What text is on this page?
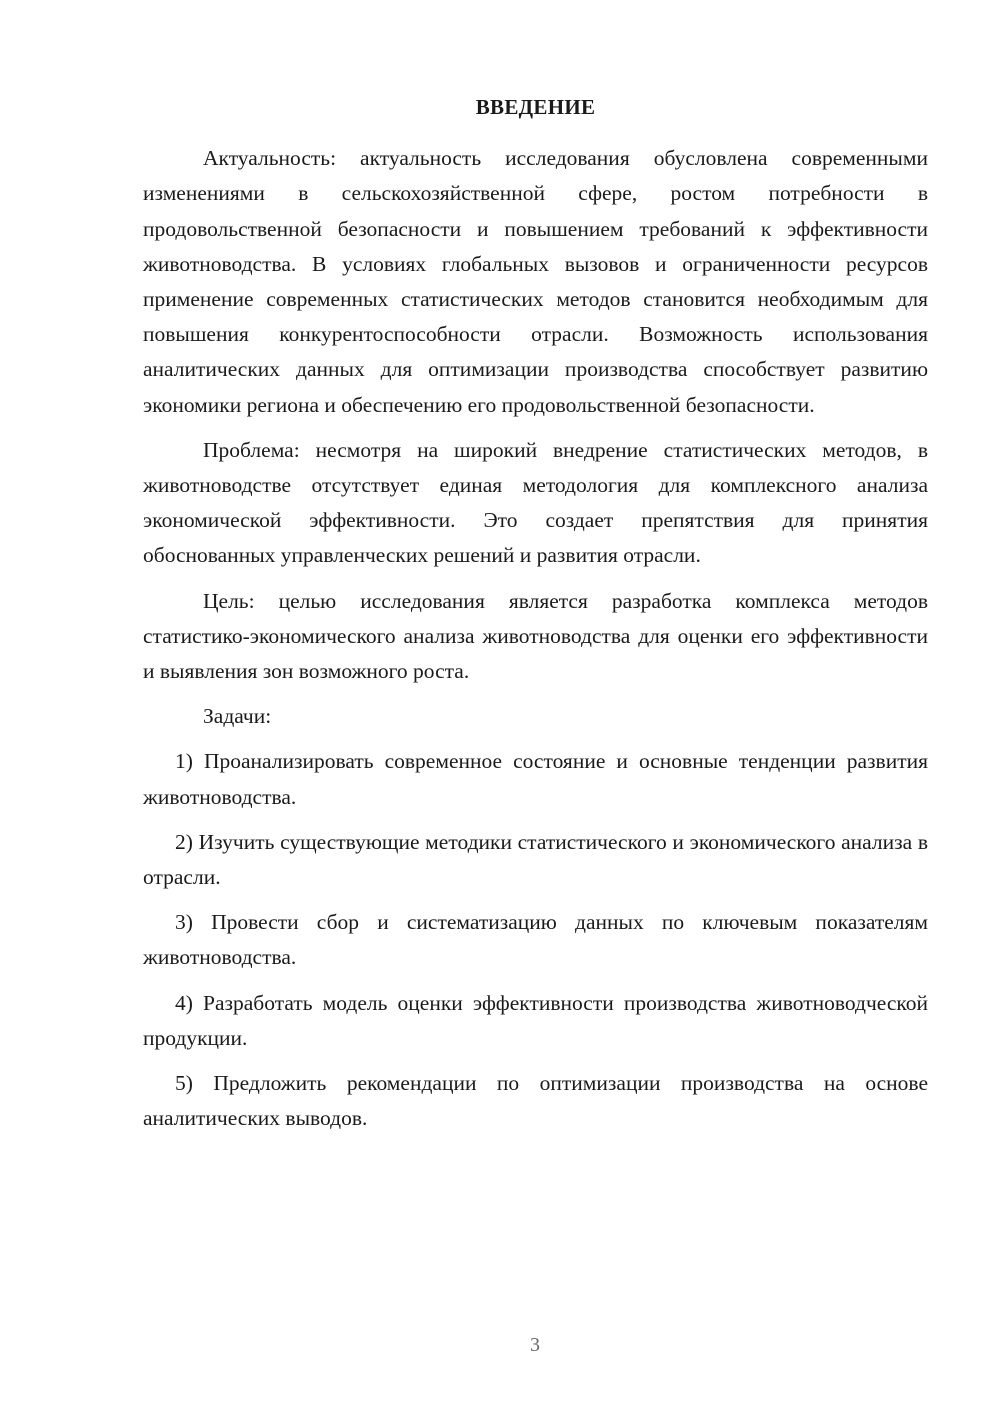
ВВЕДЕНИЕ

Актуальность: актуальность исследования обусловлена современными изменениями в сельскохозяйственной сфере, ростом потребности в продовольственной безопасности и повышением требований к эффективности животноводства. В условиях глобальных вызовов и ограниченности ресурсов применение современных статистических методов становится необходимым для повышения конкурентоспособности отрасли. Возможность использования аналитических данных для оптимизации производства способствует развитию экономики региона и обеспечению его продовольственной безопасности.

Проблема: несмотря на широкий внедрение статистических методов, в животноводстве отсутствует единая методология для комплексного анализа экономической эффективности. Это создает препятствия для принятия обоснованных управленческих решений и развития отрасли.

Цель: целью исследования является разработка комплекса методов статистико-экономического анализа животноводства для оценки его эффективности и выявления зон возможного роста.

Задачи:

1) Проанализировать современное состояние и основные тенденции развития животноводства.

2) Изучить существующие методики статистического и экономического анализа в отрасли.

3) Провести сбор и систематизацию данных по ключевым показателям животноводства.

4) Разработать модель оценки эффективности производства животноводческой продукции.

5) Предложить рекомендации по оптимизации производства на основе аналитических выводов.

3
